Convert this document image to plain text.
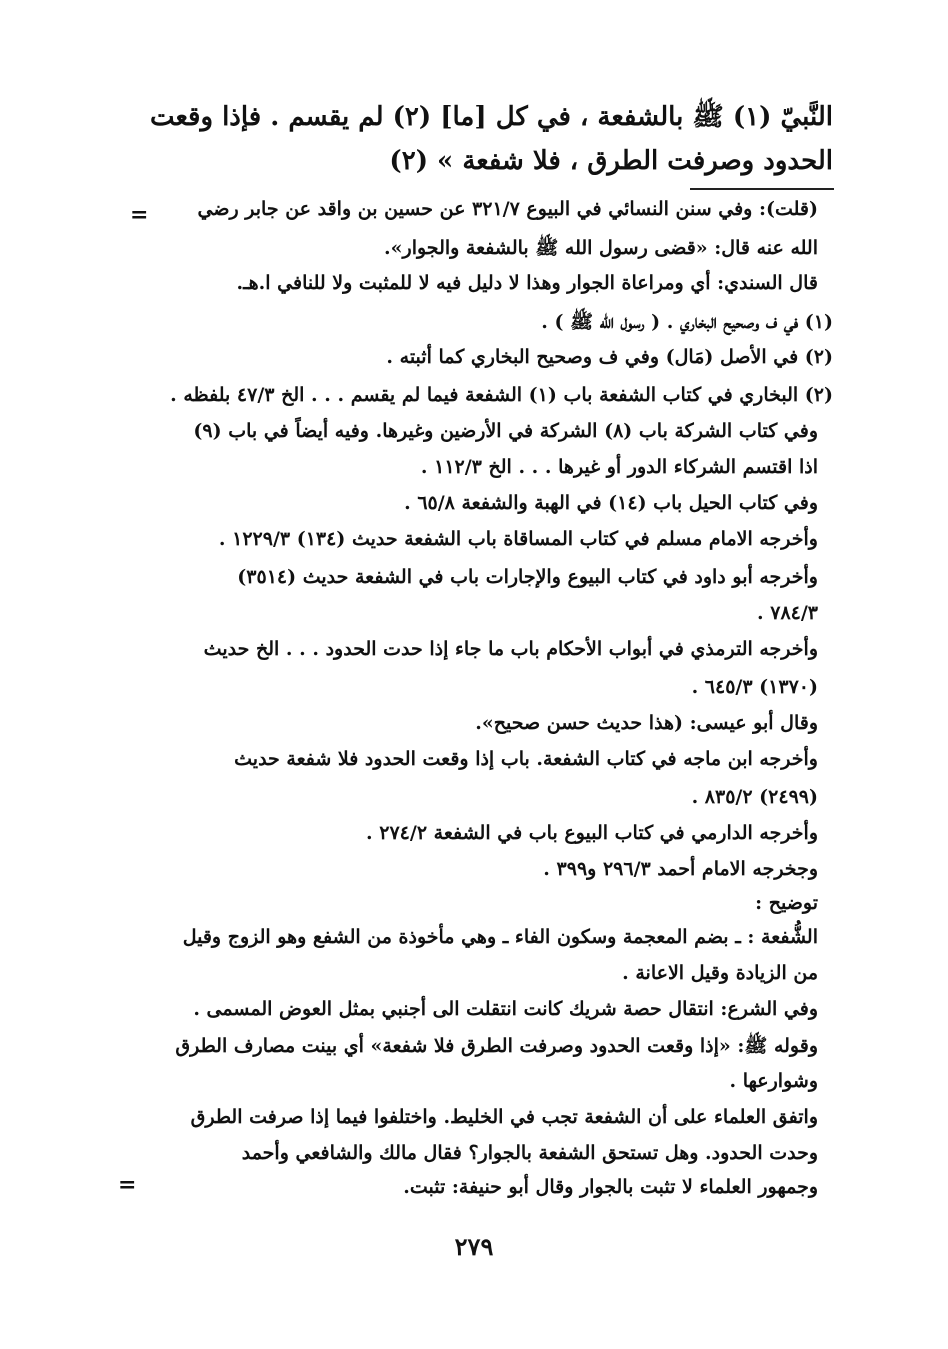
النَّبيّ (١) ﷺ بالشفعة ، في كل [ما] (٢) لم يقسم . فإذا وقعت
الحدود وصرفت الطرق ، فلا شفعة » (٢)
=	(قلت): وفي سنن النسائي في البيوع ٣٢١/٧ عن حسين بن واقد عن جابر رضي
الله عنه قال: «قضى رسول الله ﷺ بالشفعة والجوار».
قال السندي: أي ومراعاة الجوار وهذا لا دليل فيه لا للمثبت ولا للنافي ا.هـ.
(١) في ف وصحيح البخاري . ( رسول الله ﷺ ) .
(٢) في الأصل (مَال) وفي ف وصحيح البخاري كما أثبته .
(٢) البخاري في كتاب الشفعة باب (١) الشفعة فيما لم يقسم . . . الخ ٤٧/٣ بلفظه .
وفي كتاب الشركة باب (٨) الشركة في الأرضين وغيرها. وفيه أيضاً في باب (٩)
اذا اقتسم الشركاء الدور أو غيرها . . . الخ ١١٢/٣ .
وفي كتاب الحيل باب (١٤) في الهبة والشفعة ٦٥/٨ .
وأخرجه الامام مسلم في كتاب المساقاة باب الشفعة حديث (١٣٤) ١٢٢٩/٣ .
وأخرجه أبو داود في كتاب البيوع والإجارات باب في الشفعة حديث (٣٥١٤)
٧٨٤/٣ .
وأخرجه الترمذي في أبواب الأحكام باب ما جاء إذا حدت الحدود . . . الخ حديث
(١٣٧٠) ٦٤٥/٣ .
وقال أبو عيسى: (هذا حديث حسن صحيح».
وأخرجه ابن ماجه في كتاب الشفعة. باب إذا وقعت الحدود فلا شفعة حديث
(٢٤٩٩) ٨٣٥/٢ .
وأخرجه الدارمي في كتاب البيوع باب في الشفعة ٢٧٤/٢ .
وجخرجه الامام أحمد ٢٩٦/٣ و٣٩٩ .
توضيح :
الشُّفعة : ـ بضم المعجمة وسكون الفاء ـ وهي مأخوذة من الشفع وهو الزوج وقيل
من الزيادة وقيل الاعانة .
وفي الشرع: انتقال حصة شريك كانت انتقلت الى أجنبي بمثل العوض المسمى .
وقوله ﷺ: «إذا وقعت الحدود وصرفت الطرق فلا شفعة» أي بينت مصارف الطرق
وشوارعها .
واتفق العلماء على أن الشفعة تجب في الخليط. واختلفوا فيما إذا صرفت الطرق
وحدت الحدود. وهل تستحق الشفعة بالجوار؟ فقال مالك والشافعي وأحمد
وجمهور العلماء لا تثبت بالجوار وقال أبو حنيفة: تثبت.
=
٢٧٩
